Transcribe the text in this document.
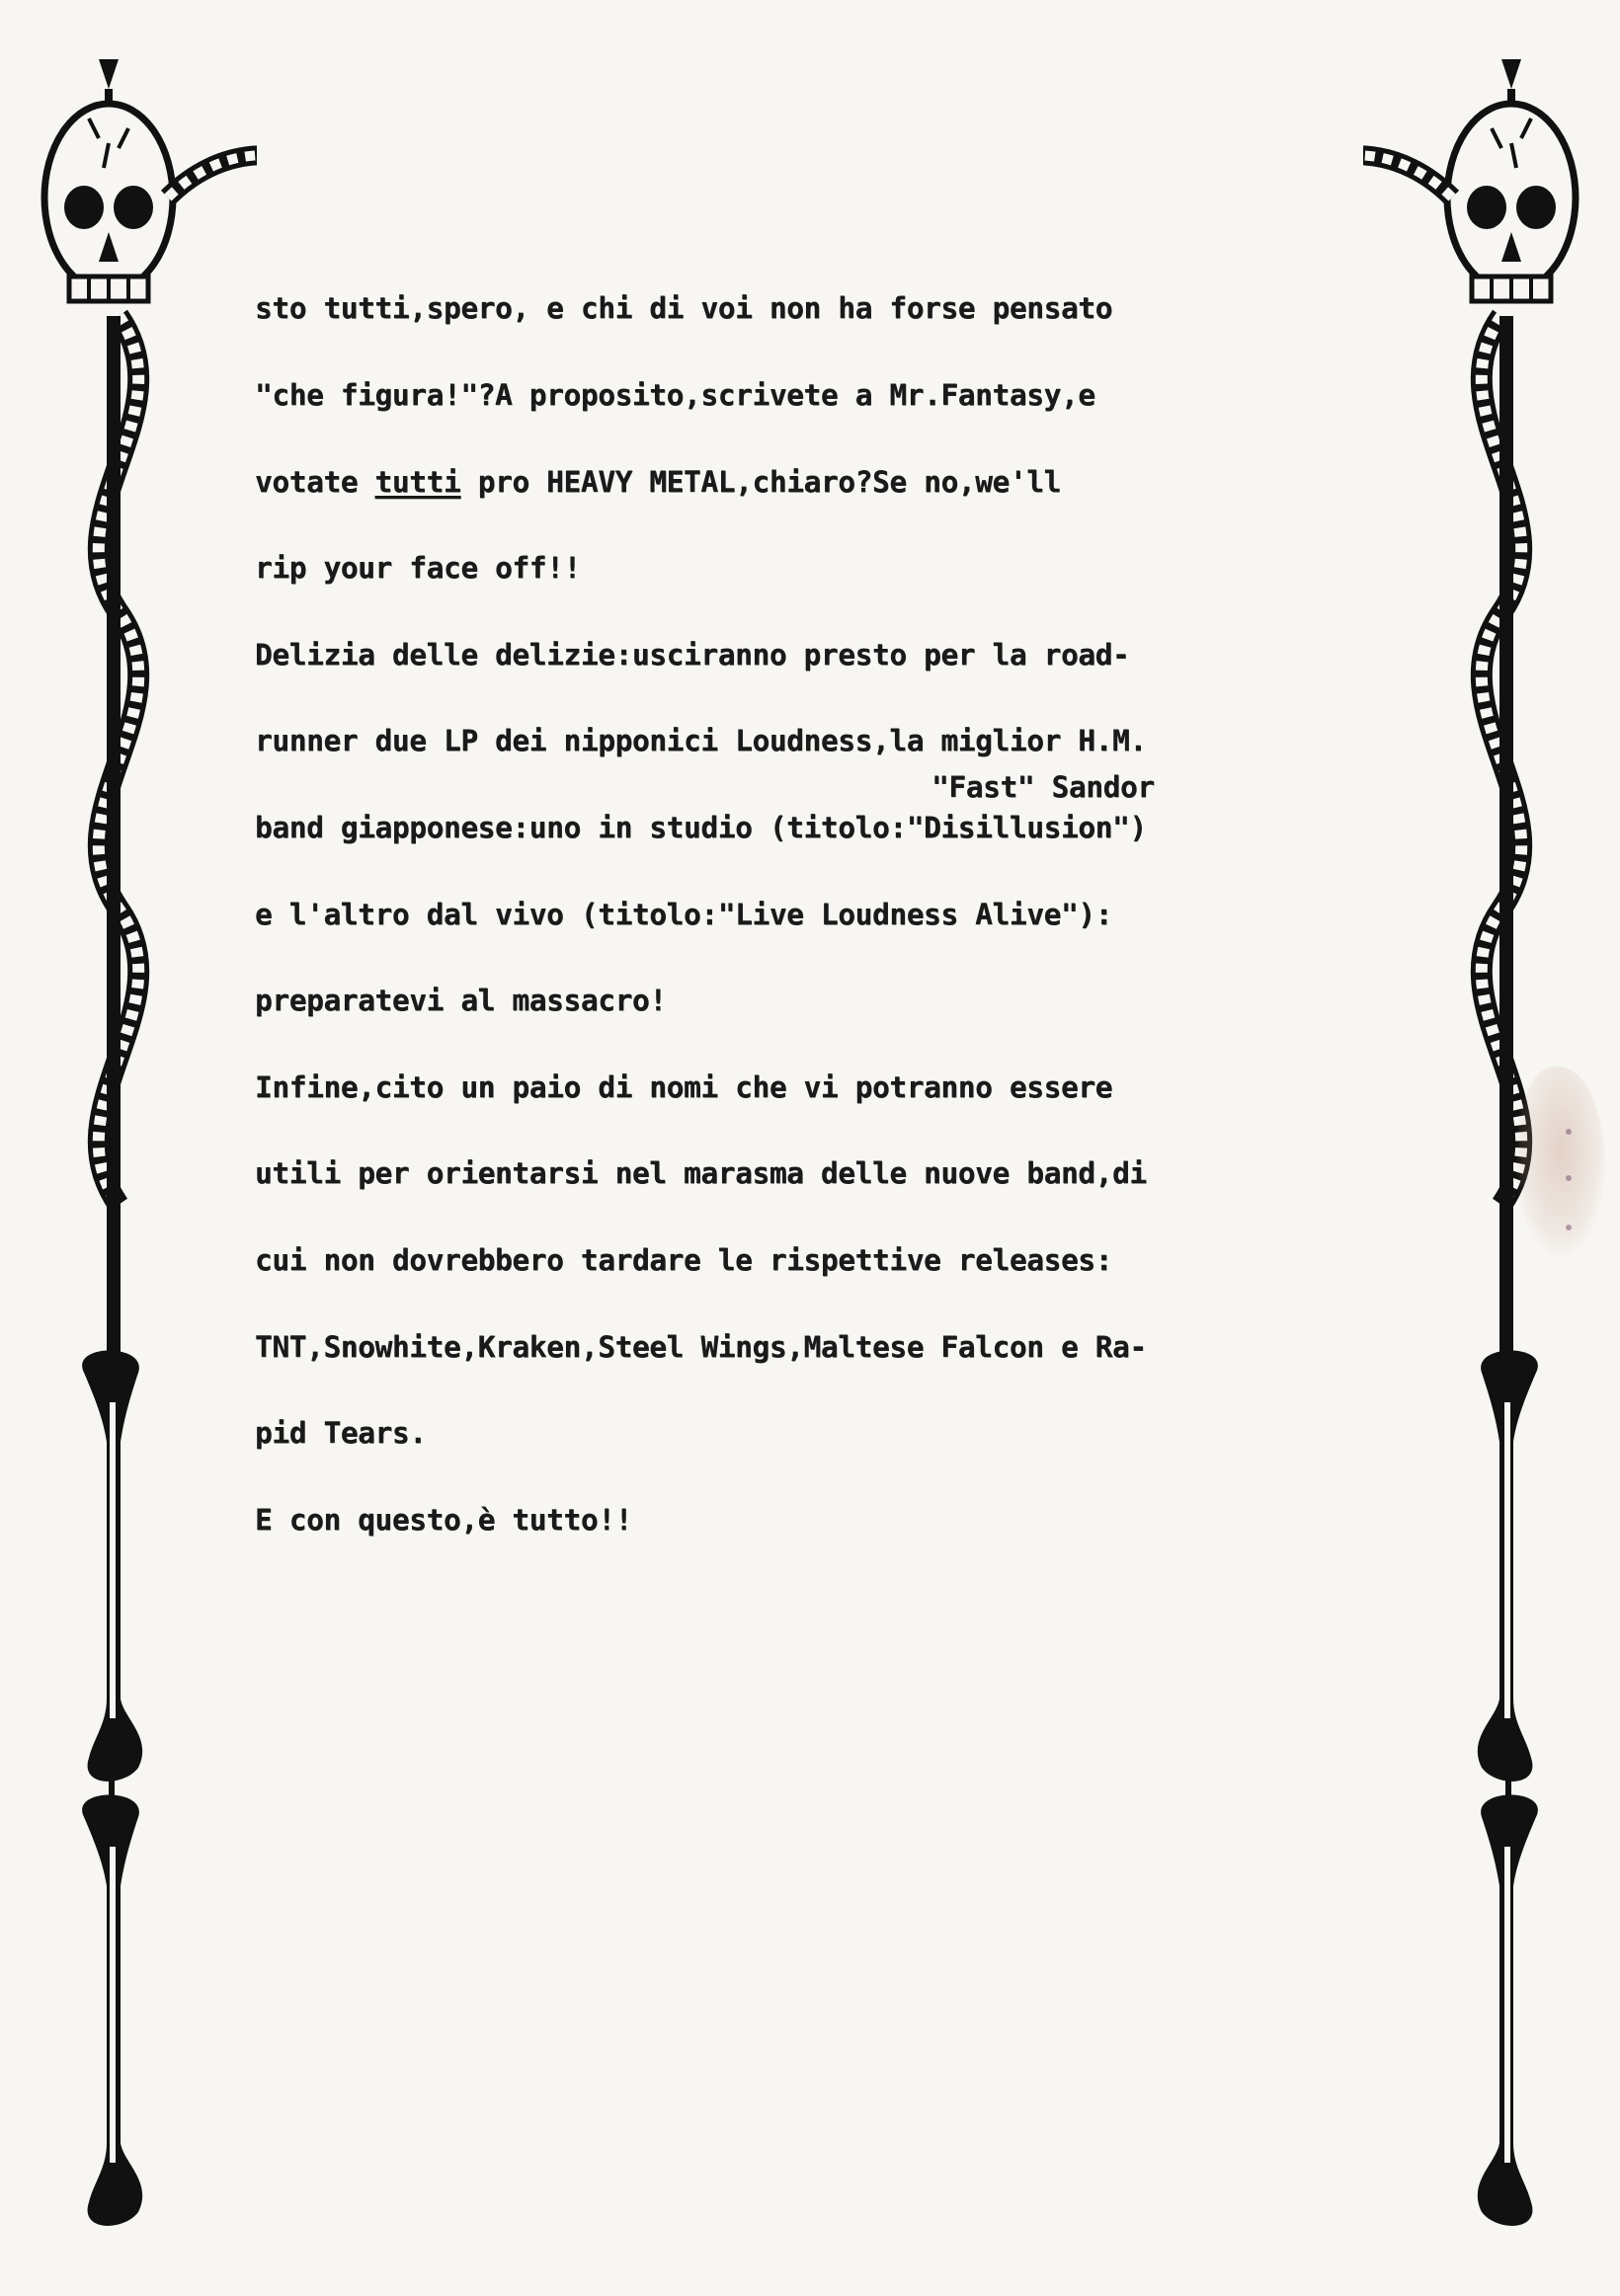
sto tutti,spero, e chi di voi non ha forse pensato

"che figura!"?A proposito,scrivete a Mr.Fantasy,e

votate tutti pro HEAVY METAL,chiaro?Se no,we'll

rip your face off!!

Delizia delle delizie:usciranno presto per la road-

runner due LP dei nipponici Loudness,la miglior H.M.

band giapponese:uno in studio (titolo:"Disillusion")

e l'altro dal vivo (titolo:"Live Loudness Alive"):

preparatevi al massacro!

Infine,cito un paio di nomi che vi potranno essere

utili per orientarsi nel marasma delle nuove band,di

cui non dovrebbero tardare le rispettive releases:

TNT,Snowhite,Kraken,Steel Wings,Maltese Falcon e Ra-

pid Tears.

E con questo,è tutto!!

"Fast" Sandor
